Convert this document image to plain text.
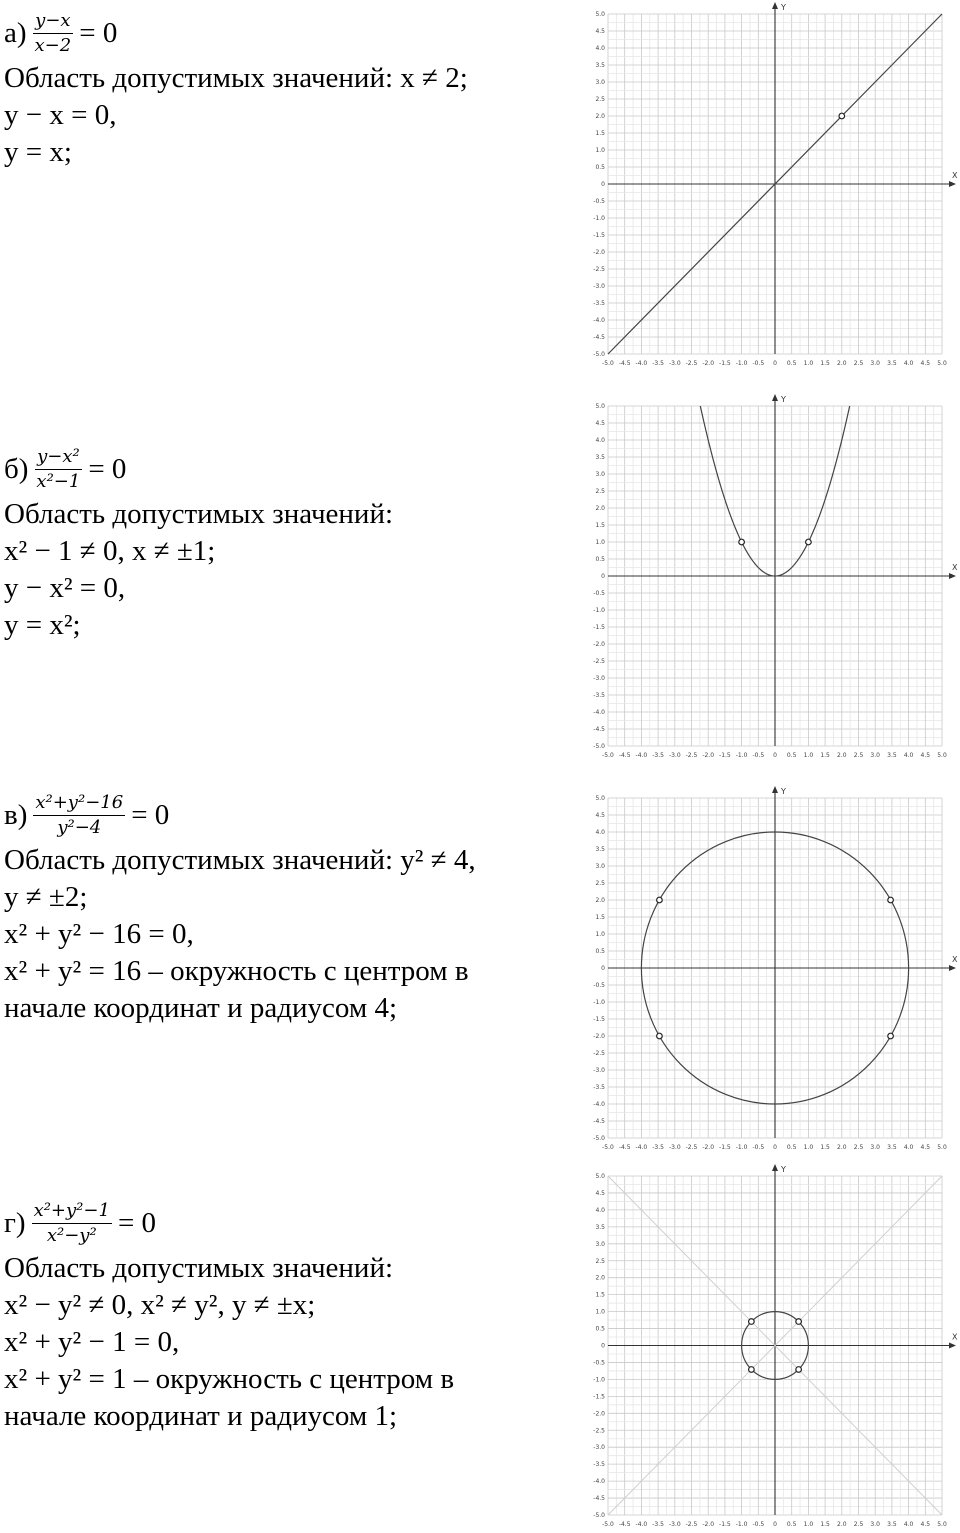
$а) \frac{y-x}{x-2} = 0$
Область допустимых значений: x ≠ 2;
y − x = 0,
y = x;
X
Y
-5.0
-5.0
-4.5
-4.5
-4.0
-4.0
-3.5
-3.5
-3.0
-3.0
-2.5
-2.5
-2.0
-2.0
-1.5
-1.5
-1.0
-1.0
-0.5
-0.5
0
0
0.5
0.5
1.0
1.0
1.5
1.5
2.0
2.0
2.5
2.5
3.0
3.0
3.5
3.5
4.0
4.0
4.5
4.5
5.0
5.0
$б) \frac{\text{y−x²}}{\text{x²−1}} = 0$
Область допустимых значений:
x² − 1 ≠ 0, x ≠ ±1;
y − x² = 0,
y = x²;
X
Y
-5.0
-5.0
-4.5
-4.5
-4.0
-4.0
-3.5
-3.5
-3.0
-3.0
-2.5
-2.5
-2.0
-2.0
-1.5
-1.5
-1.0
-1.0
-0.5
-0.5
0
0
0.5
0.5
1.0
1.0
1.5
1.5
2.0
2.0
2.5
2.5
3.0
3.0
3.5
3.5
4.0
4.0
4.5
4.5
5.0
5.0
$в) \frac{\text{x²+y²−16}}{\text{y²−4}} = 0$
Область допустимых значений: y² ≠ 4,
y ≠ ±2;
x² + y² − 16 = 0,
x² + y² = 16 – окружность с центром в
начале координат и радиусом 4;
X
Y
-5.0
-5.0
-4.5
-4.5
-4.0
-4.0
-3.5
-3.5
-3.0
-3.0
-2.5
-2.5
-2.0
-2.0
-1.5
-1.5
-1.0
-1.0
-0.5
-0.5
0
0
0.5
0.5
1.0
1.0
1.5
1.5
2.0
2.0
2.5
2.5
3.0
3.0
3.5
3.5
4.0
4.0
4.5
4.5
5.0
5.0
$г) \frac{\text{x²+y²−1}}{\text{x²−y²}} = 0$
Область допустимых значений:
x² − y² ≠ 0, x² ≠ y², y ≠ ±x;
x² + y² − 1 = 0,
x² + y² = 1 – окружность с центром в
начале координат и радиусом 1;
X
Y
-5.0
-5.0
-4.5
-4.5
-4.0
-4.0
-3.5
-3.5
-3.0
-3.0
-2.5
-2.5
-2.0
-2.0
-1.5
-1.5
-1.0
-1.0
-0.5
-0.5
0
0
0.5
0.5
1.0
1.0
1.5
1.5
2.0
2.0
2.5
2.5
3.0
3.0
3.5
3.5
4.0
4.0
4.5
4.5
5.0
5.0
